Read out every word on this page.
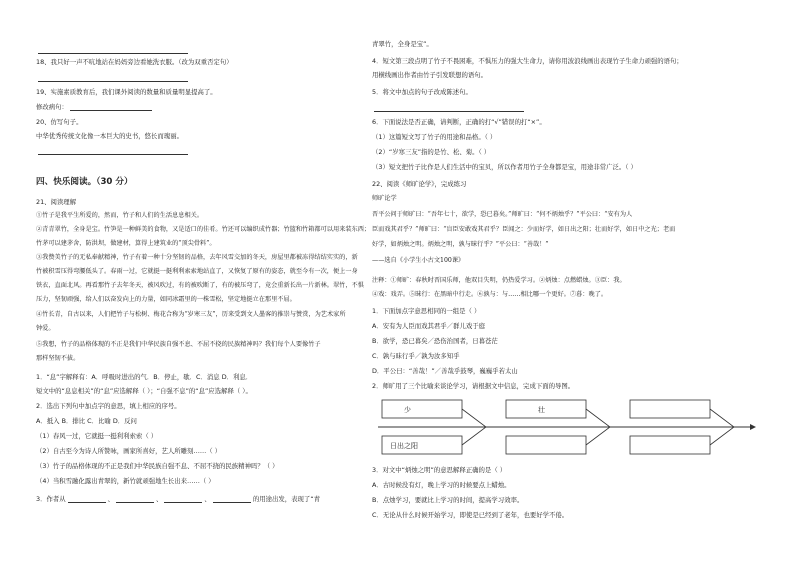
18、我只好一声不吭地站在妈妈旁边看她洗衣服。（改为双重否定句）
19、实施素质教育后，我们课外阅读的数量和质量明显提高了。
修改病句：
20、仿写句子。
中华优秀传统文化像一本巨大的史书，悠长而瑰丽。
四、快乐阅读。（30 分）
21、阅读理解
①竹子是我平生所爱的，然而，竹子和人们的生活息息相关。
②青青翠竹，全身是宝。竹笋是一种鲜美的食物，又是适口的佳肴。竹还可以编织成竹器；竹篮和竹箱都可以用来装东西；
竹茅可以建茅舍，防洪坝，做建材，算得上建筑业的“顶尖骨料”。
③我赞美竹子的无私奉献精神，竹子有着一种十分坚韧的品格，去年风雪交加的冬天，房屋里都被冻得结结实实的，新
竹被积雪压得弯腰低头了。春雨一过，它就挺一挺利利索索地站直了，又恢复了原有的姿态，就至今有一次，便上一身
铁衣，直面北风。再看那竹子去年冬天，被风吹过，有的被吹断了，有的被压弯了，竟会重新长出一片新林。翠竹，不惧
压力，坚韧顽强，给人们以奋发向上的力量，如同冰霜里的一株雪松，坚定地挺立在那里不屈。
④竹长青，自古以来，人们把竹子与松树、梅花合称为“岁寒三友”，历来受到文人墨客的推崇与赞赏，为艺术家所
钟爱。
⑤我想，竹子的品格体现的不正是我们中华民族自强不息、不屈不挠的民族精神吗？我们每个人要像竹子
那样坚韧不拔。
1．“息”字解释有：A．呼吸时进出的气．B．停止，歇．C．消息 D．利息．
短文中的“息息相关”的“息”应选解释（ ）；“自强不息”的“息”应选解释（ ）。
2．选出下列句中加点字的意思，填上相应的序号。
A．抵入 B．排比 C．比喻 D．反问
（1）春风一过，它就挺一挺利利索索（ ）
（2）自古至今为诗人所赞咏，画家所喜好，艺人所雕刻……（ ）
（3）竹子的品格体现的不正是我们中华民族自强不息、不屈不挠的民族精神吗？（ ）
（4）当积雪融化露出青翠的，新竹就顽强地生长出来……（ ）
3．作者从	、	、	、	的用途出发，表现了“青
青翠竹，全身是宝”。
4．短文第三段点明了竹子不畏困难，不惧压力的强大生命力，请你用波浪线画出表现竹子生命力顽强的语句；
用横线画出作者由竹子引发联想的语句。
5．将文中加点的句子改成陈述句。
6．下面说法是否正确，请判断，正确的打“√”错误的打“×”。
（1）这篇短文写了竹子的用途和品格。（ ）
（2）“岁寒三友”指的是竹、松、菊。（ ）
（3）短文把竹子比作是人们生活中的宝贝，所以作者用竹子全身都是宝，用途非常广泛。（ ）
22、阅读《师旷论学》，完成练习
师旷论学
晋平公问于师旷曰：“吾年七十，欲学，恐已暮矣。”师旷曰：“何不炳烛乎？”平公曰：“安有为人
臣而戏其君乎？”师旷曰：“盲臣安敢戏其君乎？臣闻之：少而好学，如日出之阳；壮而好学，如日中之光；老而
好学，如炳烛之明。炳烛之明，孰与昧行乎？”平公曰：“善哉！”
——选自《小学生小古文100课》
注释：①师旷：春秋时晋国乐师，他双目失明，仍热爱学习。②炳烛：点燃蜡烛。③臣：我。
④戏：戏弄。⑤昧行：在黑暗中行走。⑥孰与：与……相比哪一个更好。⑦暮：晚了。
1．下面加点字意思相同的一组是（ ）
A．安有为人臣而戏其君乎／群儿戏于庭
B．欲学，恐已暮矣／恐伤治国者，日暮苍茫
C．孰与昧行乎／孰为汝多知乎
D．平公曰：“善哉！”／善哉乎鼓琴，巍巍乎若太山
2．师旷用了三个比喻来谈论学习，请根据文中信息，完成下面的导图。
少	壮
日出之阳
3．对文中“炳烛之明”的意思解释正确的是（ ）
A．古时候没有灯，晚上学习的时候要点上蜡烛。
B．点烛学习，要就比上学习的时间，提高学习效率。
C．无论从什么时候开始学习，即使是已经到了老年，也要好学不倦。
